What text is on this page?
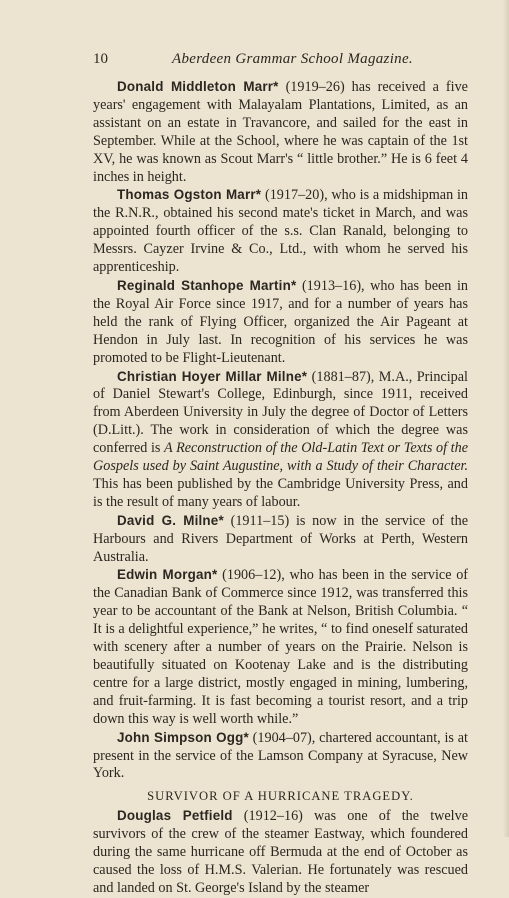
10	Aberdeen Grammar School Magazine.

Donald Middleton Marr* (1919–26) has received a five years' engagement with Malayalam Plantations, Limited, as an assistant on an estate in Travancore, and sailed for the east in September. While at the School, where he was captain of the 1st XV, he was known as Scout Marr's “ little brother.” He is 6 feet 4 inches in height.

Thomas Ogston Marr* (1917–20), who is a midshipman in the R.N.R., obtained his second mate's ticket in March, and was appointed fourth officer of the s.s. Clan Ranald, belonging to Messrs. Cayzer Irvine & Co., Ltd., with whom he served his apprenticeship.

Reginald Stanhope Martin* (1913–16), who has been in the Royal Air Force since 1917, and for a number of years has held the rank of Flying Officer, organized the Air Pageant at Hendon in July last. In recognition of his services he was promoted to be Flight-Lieutenant.

Christian Hoyer Millar Milne* (1881–87), M.A., Principal of Daniel Stewart's College, Edinburgh, since 1911, received from Aberdeen University in July the degree of Doctor of Letters (D.Litt.). The work in consideration of which the degree was conferred is A Reconstruction of the Old-Latin Text or Texts of the Gospels used by Saint Augustine, with a Study of their Character. This has been published by the Cambridge University Press, and is the result of many years of labour.

David G. Milne* (1911–15) is now in the service of the Harbours and Rivers Department of Works at Perth, Western Australia.

Edwin Morgan* (1906–12), who has been in the service of the Canadian Bank of Commerce since 1912, was transferred this year to be accountant of the Bank at Nelson, British Columbia. “ It is a delightful experience,” he writes, “ to find oneself saturated with scenery after a number of years on the Prairie. Nelson is beautifully situated on Kootenay Lake and is the distributing centre for a large district, mostly engaged in mining, lumbering, and fruit-farming. It is fast becoming a tourist resort, and a trip down this way is well worth while.”

John Simpson Ogg* (1904–07), chartered accountant, is at present in the service of the Lamson Company at Syracuse, New York.

SURVIVOR OF A HURRICANE TRAGEDY.

Douglas Petfield (1912–16) was one of the twelve survivors of the crew of the steamer Eastway, which foundered during the same hurricane off Bermuda at the end of October as caused the loss of H.M.S. Valerian. He fortunately was rescued and landed on St. George's Island by the steamer
